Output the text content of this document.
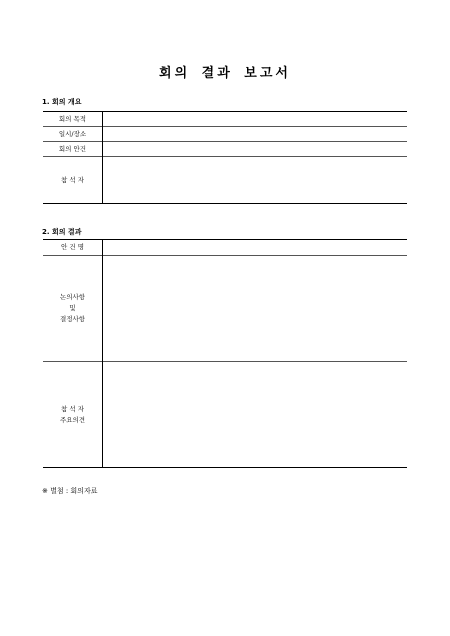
회의 결과 보고서
1. 회의 개요
회의 목적	
일시/장소	
회의 안건	
참 석 자	
2. 회의 결과
안 건 명	

논의사항
및
결정사항	

참 석 자
주요의견	

※ 별첨 : 회의자료
